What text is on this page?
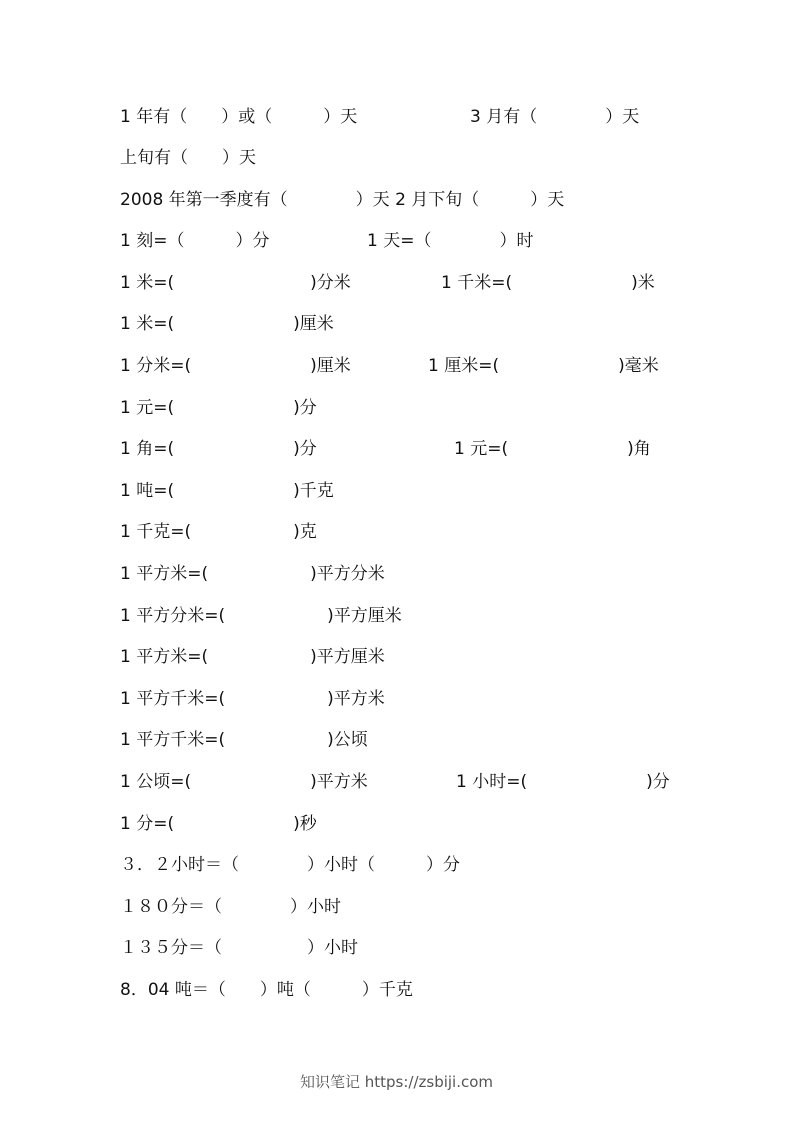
1 年有（　　）或（　　　）天	3 月有（　　　　）天
上旬有（　　）天
2008 年第一季度有（　　　　）天 2 月下旬（　　　）天
1 刻=（　　　）分	1 天=（　　　　）时
1 米=(　　　　　　　　)分米	1 千米=(　　　　　　　)米
1 米=(　　　　　　　)厘米
1 分米=(　　　　　　　)厘米	1 厘米=(　　　　　　　)毫米
1 元=(　　　　　　　)分
1 角=(　　　　　　　)分	1 元=(　　　　　　　)角
1 吨=(　　　　　　　)千克
1 千克=(　　　　　　)克
1 平方米=(　　　　　　)平方分米
1 平方分米=(　　　　　　)平方厘米
1 平方米=(　　　　　　)平方厘米
1 平方千米=(　　　　　　)平方米
1 平方千米=(　　　　　　)公顷
1 公顷=(　　　　　　　)平方米	1 小时=(　　　　　　　)分
1 分=(　　　　　　　)秒
３．２小时＝（　　　　）小时（　　　）分
１８０分＝（　　　　）小时
１３５分＝（　　　　　）小时
8．04 吨＝（　　）吨（　　　）千克
知识笔记 https://zsbiji.com
